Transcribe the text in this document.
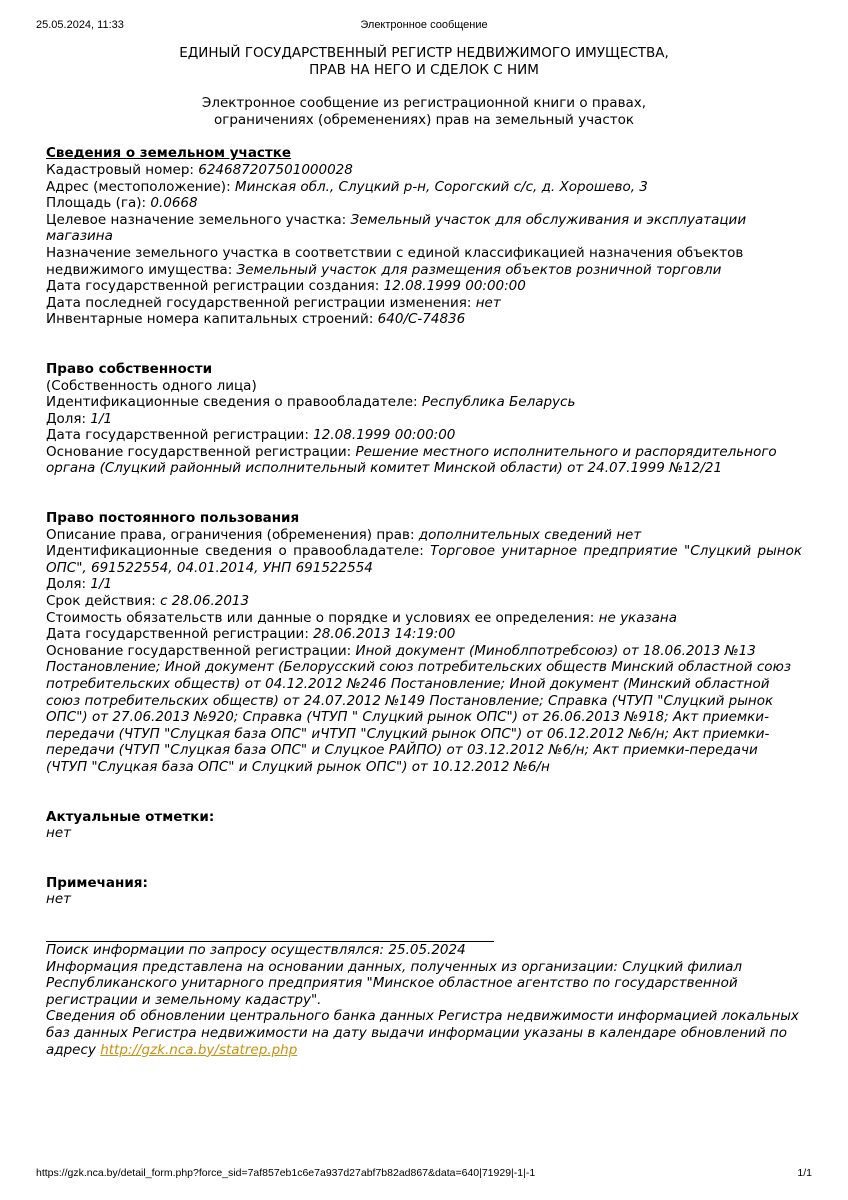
25.05.2024, 11:33	Электронное сообщение
ЕДИНЫЙ ГОСУДАРСТВЕННЫЙ РЕГИСТР НЕДВИЖИМОГО ИМУЩЕСТВА,
ПРАВ НА НЕГО И СДЕЛОК С НИМ
Электронное сообщение из регистрационной книги о правах,
ограничениях (обременениях) прав на земельный участок
Сведения о земельном участке
Кадастровый номер: 624687207501000028
Адрес (местоположение): Минская обл., Слуцкий р-н, Сорогский с/с, д. Хорошево, 3
Площадь (га): 0.0668
Целевое назначение земельного участка: Земельный участок для обслуживания и эксплуатации магазина
Назначение земельного участка в соответствии с единой классификацией назначения объектов недвижимого имущества: Земельный участок для размещения объектов розничной торговли
Дата государственной регистрации создания: 12.08.1999 00:00:00
Дата последней государственной регистрации изменения: нет
Инвентарные номера капитальных строений: 640/С-74836
Право собственности
(Собственность одного лица)
Идентификационные сведения о правообладателе: Республика Беларусь
Доля: 1/1
Дата государственной регистрации: 12.08.1999 00:00:00
Основание государственной регистрации: Решение местного исполнительного и распорядительного органа (Слуцкий районный исполнительный комитет Минской области) от 24.07.1999 №12/21
Право постоянного пользования
Описание права, ограничения (обременения) прав: дополнительных сведений нет
Идентификационные сведения о правообладателе: Торговое унитарное предприятие "Слуцкий рынок ОПС", 691522554, 04.01.2014, УНП 691522554
Доля: 1/1
Срок действия: с 28.06.2013
Стоимость обязательств или данные о порядке и условиях ее определения: не указана
Дата государственной регистрации: 28.06.2013 14:19:00
Основание государственной регистрации: Иной документ (Миноблпотребсоюз) от 18.06.2013 №13 Постановление; Иной документ (Белорусский союз потребительских обществ Минский областной союз потребительских обществ) от 04.12.2012 №246 Постановление; Иной документ (Минский областной союз потребительских обществ) от 24.07.2012 №149 Постановление; Справка (ЧТУП "Слуцкий рынок ОПС") от 27.06.2013 №920; Справка (ЧТУП " Слуцкий рынок ОПС") от 26.06.2013 №918; Акт приемки-передачи (ЧТУП "Слуцкая база ОПС" иЧТУП "Слуцкий рынок ОПС") от 06.12.2012 №6/н; Акт приемки-передачи (ЧТУП "Слуцкая база ОПС" и Слуцкое РАЙПО) от 03.12.2012 №6/н; Акт приемки-передачи (ЧТУП "Слуцкая база ОПС" и Слуцкий рынок ОПС") от 10.12.2012 №6/н
Актуальные отметки:
нет
Примечания:
нет
Поиск информации по запросу осуществлялся: 25.05.2024
Информация представлена на основании данных, полученных из организации: Слуцкий филиал Республиканского унитарного предприятия "Минское областное агентство по государственной регистрации и земельному кадастру".
Сведения об обновлении центрального банка данных Регистра недвижимости информацией локальных баз данных Регистра недвижимости на дату выдачи информации указаны в календаре обновлений по адресу http://gzk.nca.by/statrep.php
https://gzk.nca.by/detail_form.php?force_sid=7af857eb1c6e7a937d27abf7b82ad867&data=640|71929|-1|-1	1/1
